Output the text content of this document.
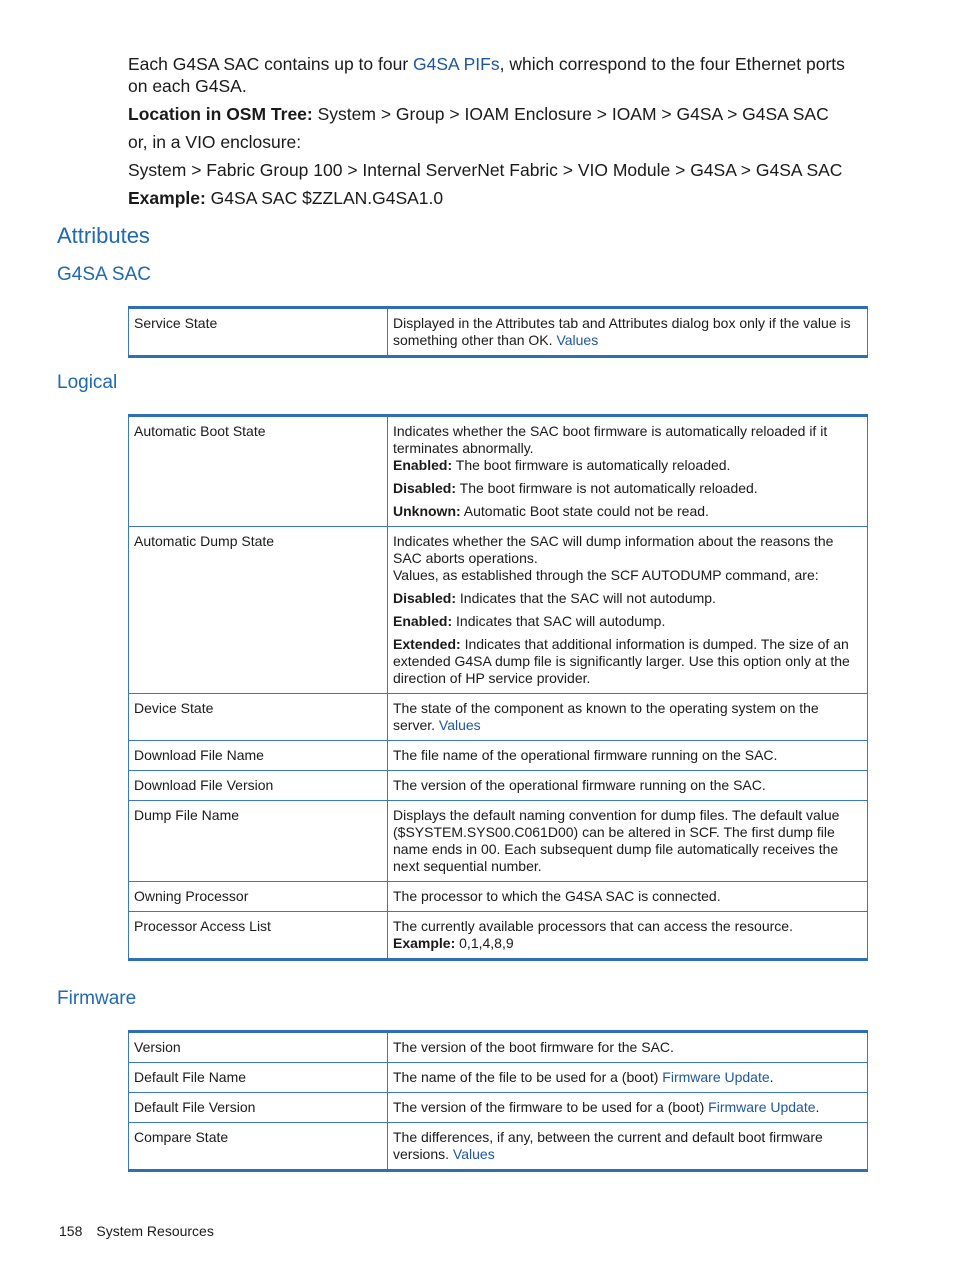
Each G4SA SAC contains up to four G4SA PIFs, which correspond to the four Ethernet ports on each G4SA.

Location in OSM Tree: System > Group > IOAM Enclosure > IOAM > G4SA > G4SA SAC

or, in a VIO enclosure:

System > Fabric Group 100 > Internal ServerNet Fabric > VIO Module > G4SA > G4SA SAC

Example: G4SA SAC $ZZLAN.G4SA1.0

Attributes
G4SA SAC
Service State	Displayed in the Attributes tab and Attributes dialog box only if the value is something other than OK. Values
Logical
Automatic Boot State	Indicates whether the SAC boot firmware is automatically reloaded if it terminates abnormally.
Enabled: The boot firmware is automatically reloaded.

Disabled: The boot firmware is not automatically reloaded.

Unknown: Automatic Boot state could not be read.

Automatic Dump State	Indicates whether the SAC will dump information about the reasons the SAC aborts operations.
Values, as established through the SCF AUTODUMP command, are:

Disabled: Indicates that the SAC will not autodump.

Enabled: Indicates that SAC will autodump.

Extended: Indicates that additional information is dumped. The size of an extended G4SA dump file is significantly larger. Use this option only at the direction of HP service provider.

Device State	The state of the component as known to the operating system on the server. Values
Download File Name	The file name of the operational firmware running on the SAC.
Download File Version	The version of the operational firmware running on the SAC.
Dump File Name	Displays the default naming convention for dump files. The default value ($SYSTEM.SYS00.C061D00) can be altered in SCF. The first dump file name ends in 00. Each subsequent dump file automatically receives the next sequential number.
Owning Processor	The processor to which the G4SA SAC is connected.
Processor Access List	The currently available processors that can access the resource.
Example: 0,1,4,8,9
Firmware
Version	The version of the boot firmware for the SAC.
Default File Name	The name of the file to be used for a (boot) Firmware Update.
Default File Version	The version of the firmware to be used for a (boot) Firmware Update.
Compare State	The differences, if any, between the current and default boot firmware versions. Values
158 System Resources
